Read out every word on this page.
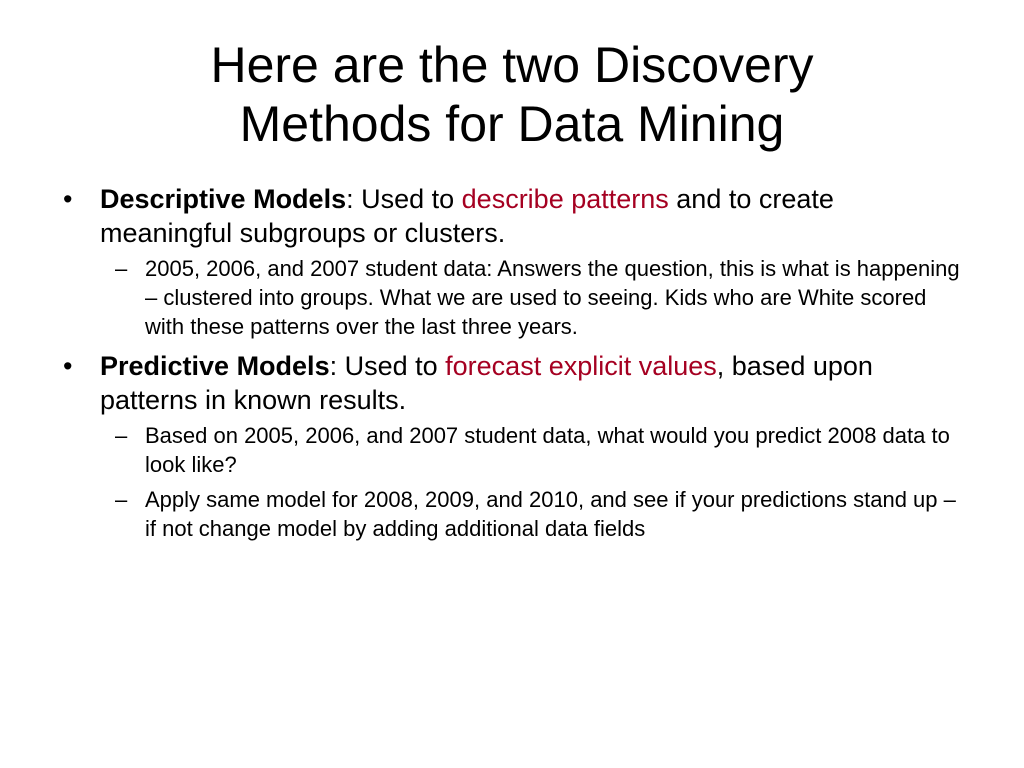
Here are the two Discovery
Methods for Data Mining
• Descriptive Models: Used to describe patterns and to create meaningful subgroups or clusters.
– 2005, 2006, and 2007 student data: Answers the question, this is what is happening – clustered into groups. What we are used to seeing. Kids who are White scored with these patterns over the last three years.
• Predictive Models: Used to forecast explicit values, based upon patterns in known results.
– Based on 2005, 2006, and 2007 student data, what would you predict 2008 data to look like?
– Apply same model for 2008, 2009, and 2010, and see if your predictions stand up – if not change model by adding additional data fields
